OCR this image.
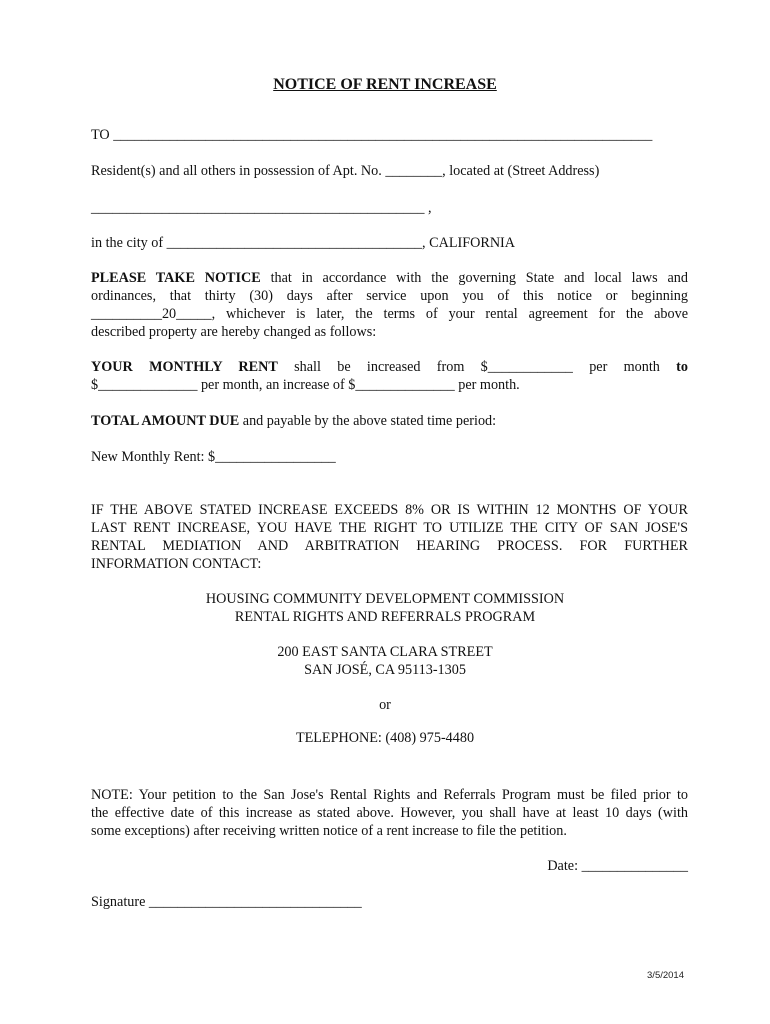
NOTICE OF RENT INCREASE
TO ____________________________________________________________________________
Resident(s) and all others in possession of Apt. No. ________, located at (Street Address)
_______________________________________________ ,
in the city of ____________________________________, CALIFORNIA
PLEASE TAKE NOTICE that in accordance with the governing State and local laws and
ordinances, that thirty (30) days after service upon you of this notice or beginning
__________20_____, whichever is later, the terms of your rental agreement for the above
described property are hereby changed as follows:
YOUR MONTHLY RENT shall be increased from $____________ per month to
$______________ per month, an increase of $______________ per month.
TOTAL AMOUNT DUE and payable by the above stated time period:
New Monthly Rent: $_________________
IF THE ABOVE STATED INCREASE EXCEEDS 8% OR IS WITHIN 12 MONTHS OF YOUR
LAST RENT INCREASE, YOU HAVE THE RIGHT TO UTILIZE THE CITY OF SAN JOSE'S
RENTAL MEDIATION AND ARBITRATION HEARING PROCESS. FOR FURTHER
INFORMATION CONTACT:
HOUSING COMMUNITY DEVELOPMENT COMMISSION
RENTAL RIGHTS AND REFERRALS PROGRAM
200 EAST SANTA CLARA STREET
SAN JOSÉ, CA 95113-1305
or
TELEPHONE: (408) 975-4480
NOTE: Your petition to the San Jose's Rental Rights and Referrals Program must be filed prior to
the effective date of this increase as stated above. However, you shall have at least 10 days (with
some exceptions) after receiving written notice of a rent increase to file the petition.
Date: _______________
Signature ______________________________
3/5/2014
